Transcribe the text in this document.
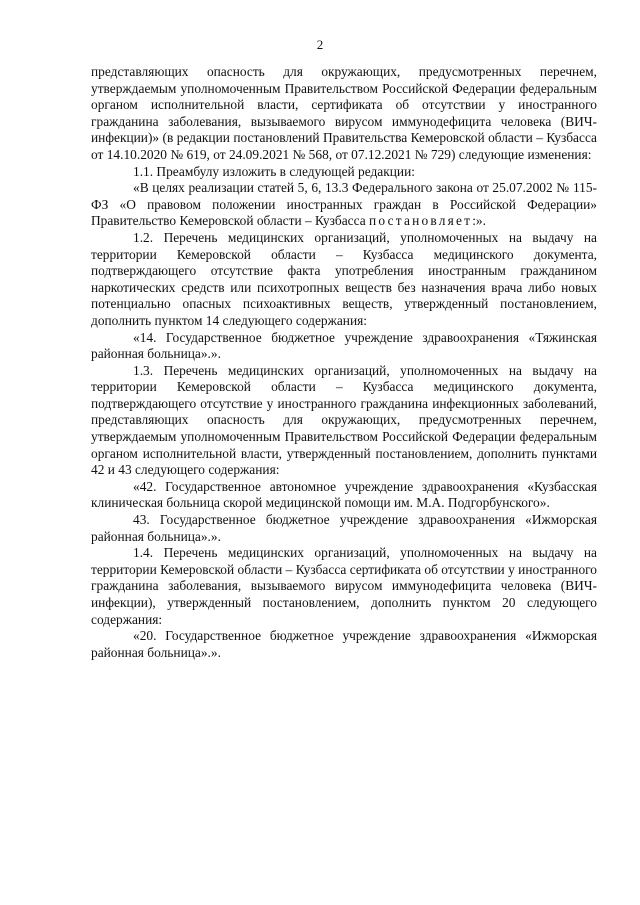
2

представляющих опасность для окружающих, предусмотренных перечнем, утверждаемым уполномоченным Правительством Российской Федерации федеральным органом исполнительной власти, сертификата об отсутствии у иностранного гражданина заболевания, вызываемого вирусом иммунодефицита человека (ВИЧ-инфекции)» (в редакции постановлений Правительства Кемеровской области – Кузбасса от 14.10.2020 № 619, от 24.09.2021 № 568, от 07.12.2021 № 729) следующие изменения:

1.1. Преамбулу изложить в следующей редакции:

«В целях реализации статей 5, 6, 13.3 Федерального закона от 25.07.2002 № 115-ФЗ «О правовом положении иностранных граждан в Российской Федерации» Правительство Кемеровской области – Кузбасса постановляет:».

1.2. Перечень медицинских организаций, уполномоченных на выдачу на территории Кемеровской области – Кузбасса медицинского документа, подтверждающего отсутствие факта употребления иностранным гражданином наркотических средств или психотропных веществ без назначения врача либо новых потенциально опасных психоактивных веществ, утвержденный постановлением, дополнить пунктом 14 следующего содержания:

«14. Государственное бюджетное учреждение здравоохранения «Тяжинская районная больница».».

1.3. Перечень медицинских организаций, уполномоченных на выдачу на территории Кемеровской области – Кузбасса медицинского документа, подтверждающего отсутствие у иностранного гражданина инфекционных заболеваний, представляющих опасность для окружающих, предусмотренных перечнем, утверждаемым уполномоченным Правительством Российской Федерации федеральным органом исполнительной власти, утвержденный постановлением, дополнить пунктами 42 и 43 следующего содержания:

«42. Государственное автономное учреждение здравоохранения «Кузбасская клиническая больница скорой медицинской помощи им. М.А. Подгорбунского».

43. Государственное бюджетное учреждение здравоохранения «Ижморская районная больница».».

1.4. Перечень медицинских организаций, уполномоченных на выдачу на территории Кемеровской области – Кузбасса сертификата об отсутствии у иностранного гражданина заболевания, вызываемого вирусом иммунодефицита человека (ВИЧ-инфекции), утвержденный постановлением, дополнить пунктом 20 следующего содержания:

«20. Государственное бюджетное учреждение здравоохранения «Ижморская районная больница».».
